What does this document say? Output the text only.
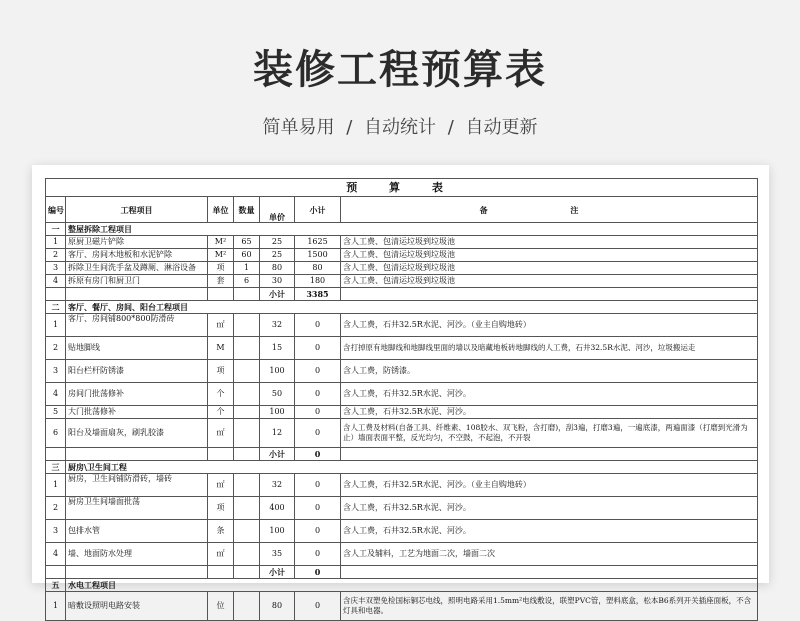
装修工程预算表
简单易用 / 自动统计 / 自动更新
预 算 表						
编号	工程项目	单位	数量	单价	小计	备 注
一	整屋拆除工程项目					
1	原厨卫磁片铲除	M²	65	25	1625	含人工费、包清运垃圾到垃圾池
2	客厅、房间木地板和水泥铲除	M²	60	25	1500	含人工费、包清运垃圾到垃圾池
3	拆除卫生间洗手盆及蹲厕、淋浴设备	项	1	80	80	含人工费、包清运垃圾到垃圾池
4	拆原有房门和厨卫门	套	6	30	180	含人工费、包清运垃圾到垃圾池
				小计	3385	
二	客厅、餐厅、房间、阳台工程项目					
1	客厅、房间铺800*800防滑砖	㎡		32	0	含人工费，石井32.5R水泥、河沙。（业主自购地砖）
2	贴地脚线	M		15	0	含打掉原有地脚线和地脚线里面的墙以及暗藏地板砖地脚线的人工费，石井32.5R水泥、河沙，垃圾搬运走
3	阳台栏杆防锈漆	项		100	0	含人工费，防锈漆。
4	房间门批荡修补	个		50	0	含人工费，石井32.5R水泥、河沙。
5	大门批荡修补	个		100	0	含人工费，石井32.5R水泥、河沙。
6	阳台及墙面扇灰，刷乳胶漆	㎡		12	0	含人工费及材料(自备工具、纤维素、108胶水、双飞粉，含打磨)，刮3遍，打磨3遍，一遍底漆，两遍面漆（打磨到光滑为止）墙面表面平整，反光均匀，不空鼓，不起泡，不开裂
				小计	0	
三	厨房\卫生间工程					
1	厨房，卫生间铺防滑砖，墙砖	㎡		32	0	含人工费，石井32.5R水泥、河沙。（业主自购地砖）
2	厨房卫生间墙面批荡	项		400	0	含人工费，石井32.5R水泥、河沙。
3	包排水管	条		100	0	含人工费，石井32.5R水泥、河沙。
4	墙、地面防水处理	㎡		35	0	含人工及辅料，工艺为地面二次，墙面二次
				小计	0	
五	水电工程项目					
1	暗敷设照明电路安装	位		80	0	含庆丰双塑免检国标铜芯电线，照明电路采用1.5mm²电线敷设，联塑PVC管，塑料底盒，松本B6系列开关插座面板，不含灯具和电器。
